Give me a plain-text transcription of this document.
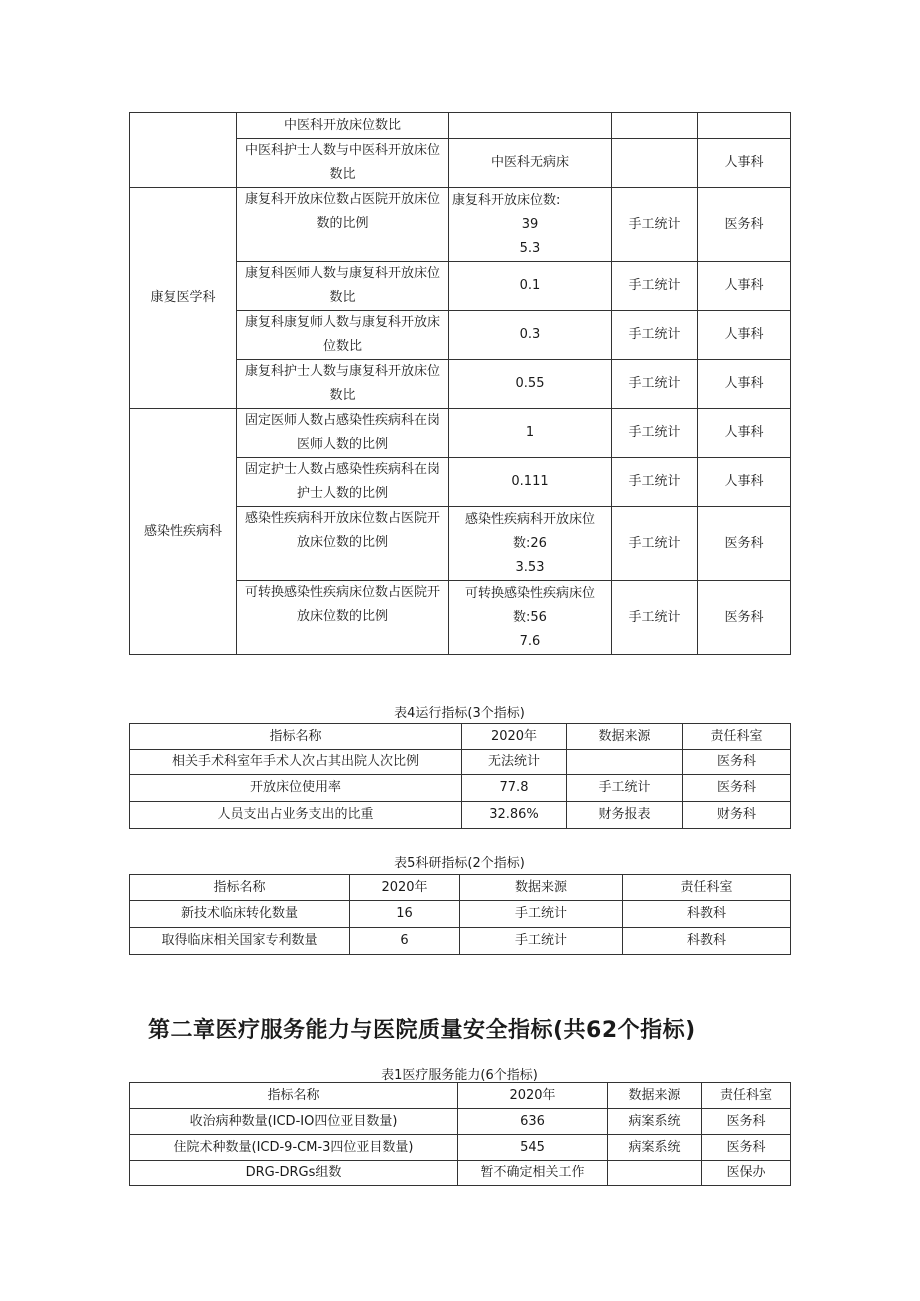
	中医科开放床位数比			
	中医科护士人数与中医科开放床位数比	中医科无病床		人事科
康复医学科	康复科开放床位数占医院开放床位数的比例	康复科开放床位数:
39
5.3	手工统计	医务科
	康复科医师人数与康复科开放床位数比	0.1	手工统计	人事科
	康复科康复师人数与康复科开放床位数比	0.3	手工统计	人事科
	康复科护士人数与康复科开放床位数比	0.55	手工统计	人事科
感染性疾病科	固定医师人数占感染性疾病科在岗医师人数的比例	1	手工统计	人事科
	固定护士人数占感染性疾病科在岗护士人数的比例	0.111	手工统计	人事科
	感染性疾病科开放床位数占医院开放床位数的比例	感染性疾病科开放床位
数:26
3.53	手工统计	医务科
	可转换感染性疾病床位数占医院开放床位数的比例	可转换感染性疾病床位
数:56
7.6	手工统计	医务科
表4运行指标(3个指标)
指标名称	2020年	数据来源	责任科室
相关手术科室年手术人次占其出院人次比例	无法统计		医务科
开放床位使用率	77.8	手工统计	医务科
人员支出占业务支出的比重	32.86%	财务报表	财务科
表5科研指标(2个指标)
指标名称	2020年	数据来源	责任科室
新技术临床转化数量	16	手工统计	科教科
取得临床相关国家专利数量	6	手工统计	科教科
第二章医疗服务能力与医院质量安全指标(共62个指标)
表1医疗服务能力(6个指标)
指标名称	2020年	数据来源	责任科室
收治病种数量(ICD-IO四位亚目数量)	636	病案系统	医务科
住院术种数量(ICD-9-CM-3四位亚目数量)	545	病案系统	医务科
DRG-DRGs组数	暂不确定相关工作		医保办
